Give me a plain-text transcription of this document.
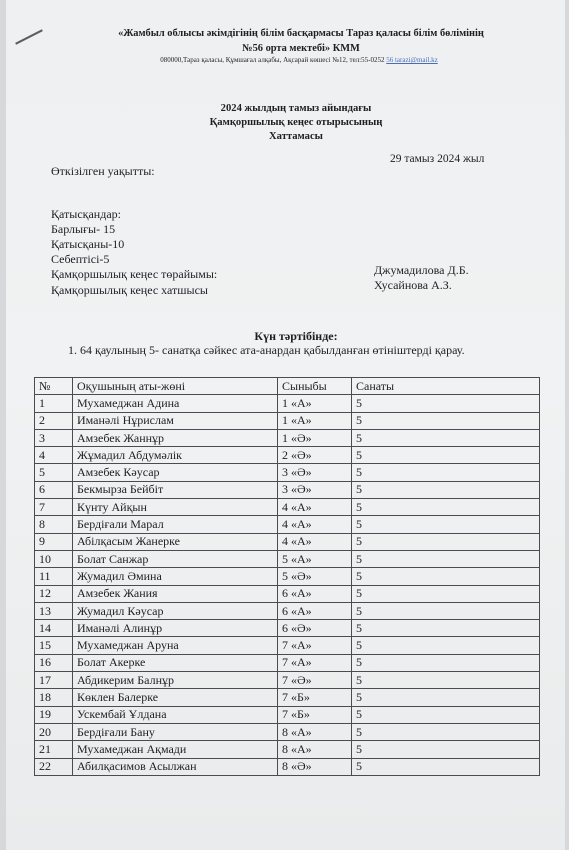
«Жамбыл облысы әкімдігінің білім басқармасы Тараз қаласы білім бөлімінің
№56 орта мектебі» КММ
080000,Тараз қаласы, Құмшағал алқабы, Ақсарай көшесі №12, тел:55-0252 56 tarazi@mail.kz
2024 жылдың тамыз айындағы
Қамқоршылық кеңес отырысының
Хаттамасы
29 тамыз 2024 жыл
Өткізілген уақытты:
Қатысқандар:
Барлығы- 15
Қатысқаны-10
Себептісі-5
Қамқоршылық кеңес төрайымы:	Джумадилова Д.Б.
Қамқоршылық кеңес хатшысы	Хусайнова А.З.
Күн тәртібінде:
1. 64 қаулының 5- санатқа сәйкес ата-анардан қабылданған өтініштерді қарау.
№	Оқушының аты-жөні	Сыныбы	Санаты
1	Мухамеджан Адина	1 «А»	5
2	Иманәлі Нұрислам	1 «А»	5
3	Амзебек Жаннұр	1 «Ә»	5
4	Жұмадил Абдумәлік	2 «Ә»	5
5	Амзебек Кәусар	3 «Ә»	5
6	Бекмырза Бейбіт	3 «Ә»	5
7	Күнту Айқын	4 «А»	5
8	Бердіғали Марал	4 «А»	5
9	Абілқасым Жанерке	4 «А»	5
10	Болат Санжар	5 «А»	5
11	Жумадил Әмина	5 «Ә»	5
12	Амзебек Жания	6 «А»	5
13	Жумадил Кәусар	6 «А»	5
14	Иманәлі Алинұр	6 «Ә»	5
15	Мухамеджан Аруна	7 «А»	5
16	Болат Акерке	7 «А»	5
17	Абдикерим Балнұр	7 «Ә»	5
18	Көклен Балерке	7 «Б»	5
19	Ускембай Ұлдана	7 «Б»	5
20	Бердіғали Бану	8 «А»	5
21	Мухамеджан Ақмади	8 «А»	5
22	Абилқасимов Асылжан	8 «Ә»	5
